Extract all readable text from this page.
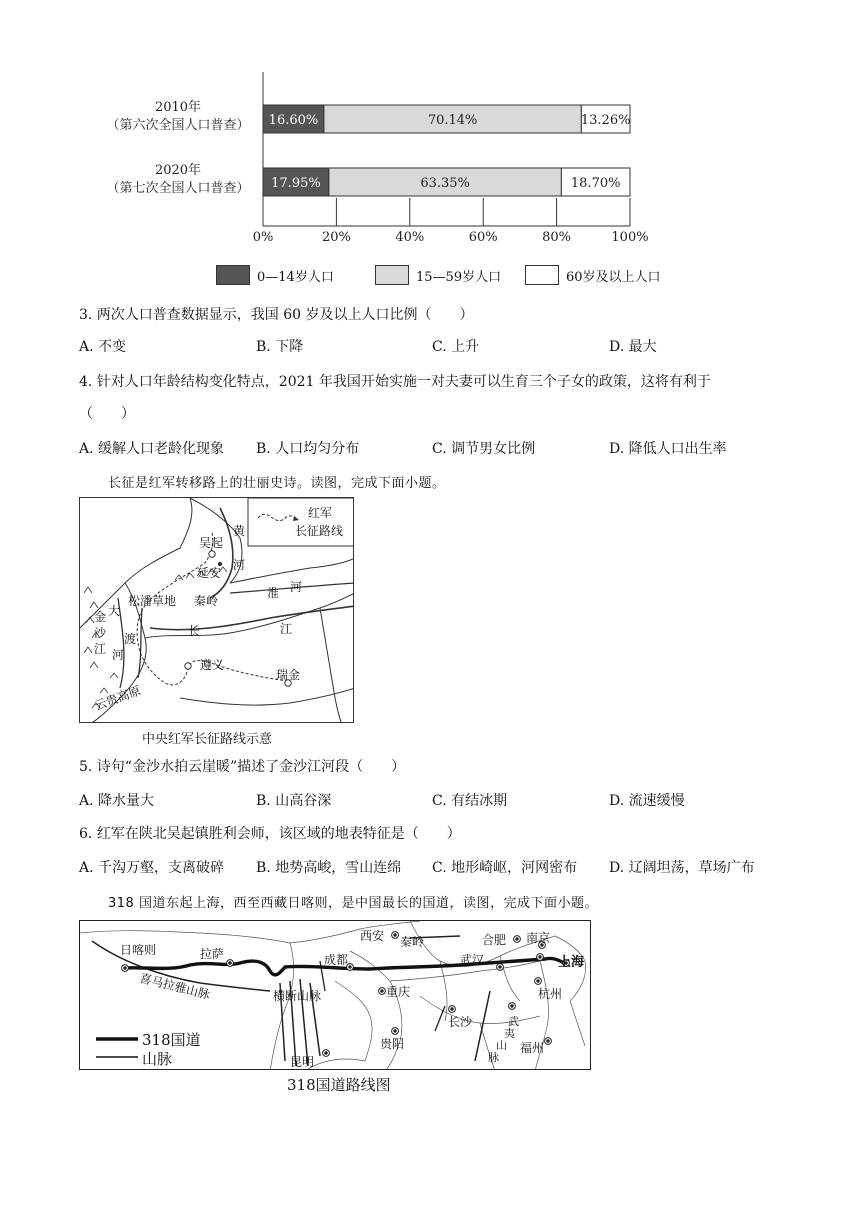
0%	20%	40%	60%	80%	100%
2010年
（第六次全国人口普查）
2020年
（第七次全国人口普查）
16.60%	70.14%	13.26%
17.95%	63.35%	18.70%
0—14岁人口	15—59岁人口	60岁及以上人口
3. 两次人口普查数据显示，我国 60 岁及以上人口比例（　　）
A. 不变	B. 下降	C. 上升	D. 最大
4. 针对人口年龄结构变化特点，2021 年我国开始实施一对夫妻可以生育三个子女的政策，这将有利于
（　　）
A. 缓解人口老龄化现象 B. 人口均匀分布	C. 调节男女比例	D. 降低人口出生率
长征是红军转移路上的壮丽史诗。读图，完成下面小题。
红军
长征路线
吴起
延安
黄
河
淮 河
松潘草地 秦岭
长	江
遵义
瑞金
大
渡
河
金
沙
江
云贵高原
中央红军长征路线示意
5. 诗句“金沙水拍云崖暖”描述了金沙江河段（　　）
A. 降水量大	B. 山高谷深	C. 有结冰期	D. 流速缓慢
6. 红军在陕北吴起镇胜利会师，该区域的地表特征是（　　）
A. 千沟万壑，支离破碎 B. 地势高峻，雪山连绵 C. 地形崎岖，河网密布 D. 辽阔坦荡，草场广布
318 国道东起上海，西至西藏日喀则，是中国最长的国道，读图，完成下面小题。
318国道
山脉
日喀则	拉萨
喜马拉雅山脉	横断山脉
成都
西安 秦岭	合肥 南京
上海
武汉
重庆	杭州
长沙	武
夷
山
脉
福州
贵阳
昆明
318国道路线图
